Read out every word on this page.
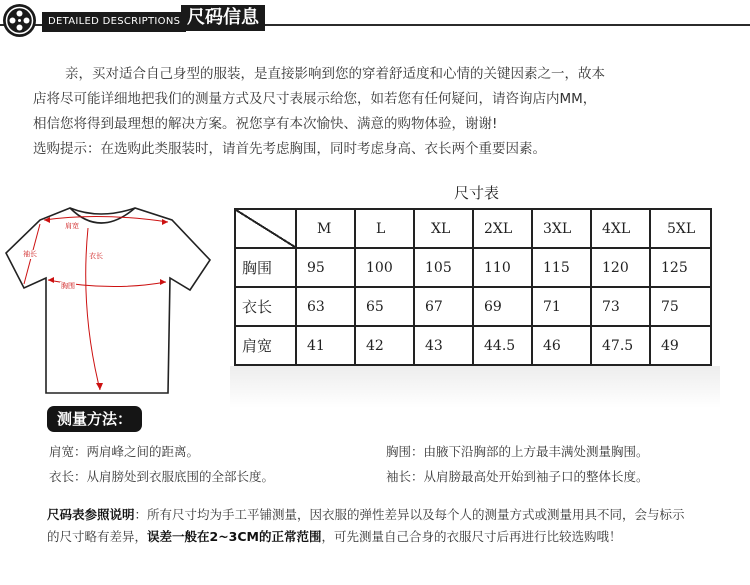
DETAILED DESCRIPTIONS 尺码信息

亲，买对适合自己身型的服装，是直接影响到您的穿着舒适度和心情的关键因素之一，故本

店将尽可能详细地把我们的测量方式及尺寸表展示给您，如若您有任何疑问，请咨询店内MM，

相信您将得到最理想的解决方案。祝您享有本次愉快、满意的购物体验，谢谢!

选购提示：在选购此类服装时，请首先考虑胸围，同时考虑身高、衣长两个重要因素。

肩宽
袖长	衣长
胸围
尺寸表
	M	L	XL	2XL	3XL	4XL	5XL
胸围	95	100	105	110	115	120	125
衣长	63	65	67	69	71	73	75
肩宽	41	42	43	44.5	46	47.5	49
测量方法：
肩宽：两肩峰之间的距离。	胸围：由腋下沿胸部的上方最丰满处测量胸围。
衣长：从肩膀处到衣服底围的全部长度。	袖长：从肩膀最高处开始到袖子口的整体长度。

尺码表参照说明：所有尺寸均为手工平铺测量，因衣服的弹性差异以及每个人的测量方式或测量用具不同，会与标示

的尺寸略有差异，误差一般在2~3CM的正常范围，可先测量自己合身的衣服尺寸后再进行比较选购哦！
